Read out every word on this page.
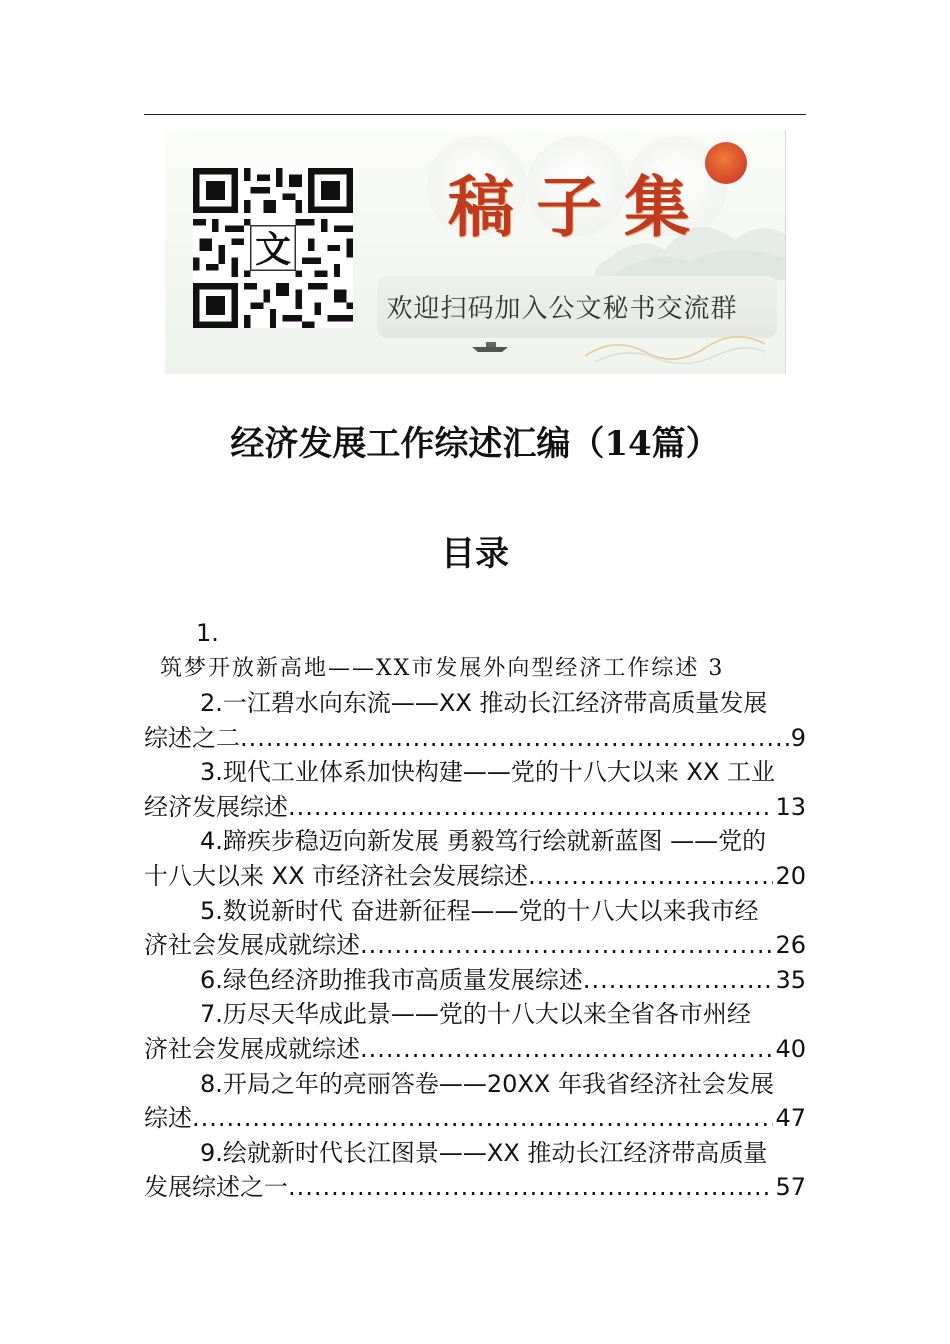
文
稿子集
欢迎扫码加入公文秘书交流群
经济发展工作综述汇编（14篇）
目录
1.
筑梦开放新高地——XX市发展外向型经济工作综述 3
2.一江碧水向东流——XX 推动长江经济带高质量发展
综述之二 .....	9
3.现代工业体系加快构建——党的十八大以来 XX 工业
经济发展综述 .....	13
4.蹄疾步稳迈向新发展 勇毅笃行绘就新蓝图 ——党的
十八大以来 XX 市经济社会发展综述 .....	20
5.数说新时代 奋进新征程——党的十八大以来我市经
济社会发展成就综述 .....	26
6.绿色经济助推我市高质量发展综述 .....	35
7.历尽天华成此景——党的十八大以来全省各市州经
济社会发展成就综述 .....	40
8.开局之年的亮丽答卷——20XX 年我省经济社会发展
综述 .....	47
9.绘就新时代长江图景——XX 推动长江经济带高质量
发展综述之一 .....	57
